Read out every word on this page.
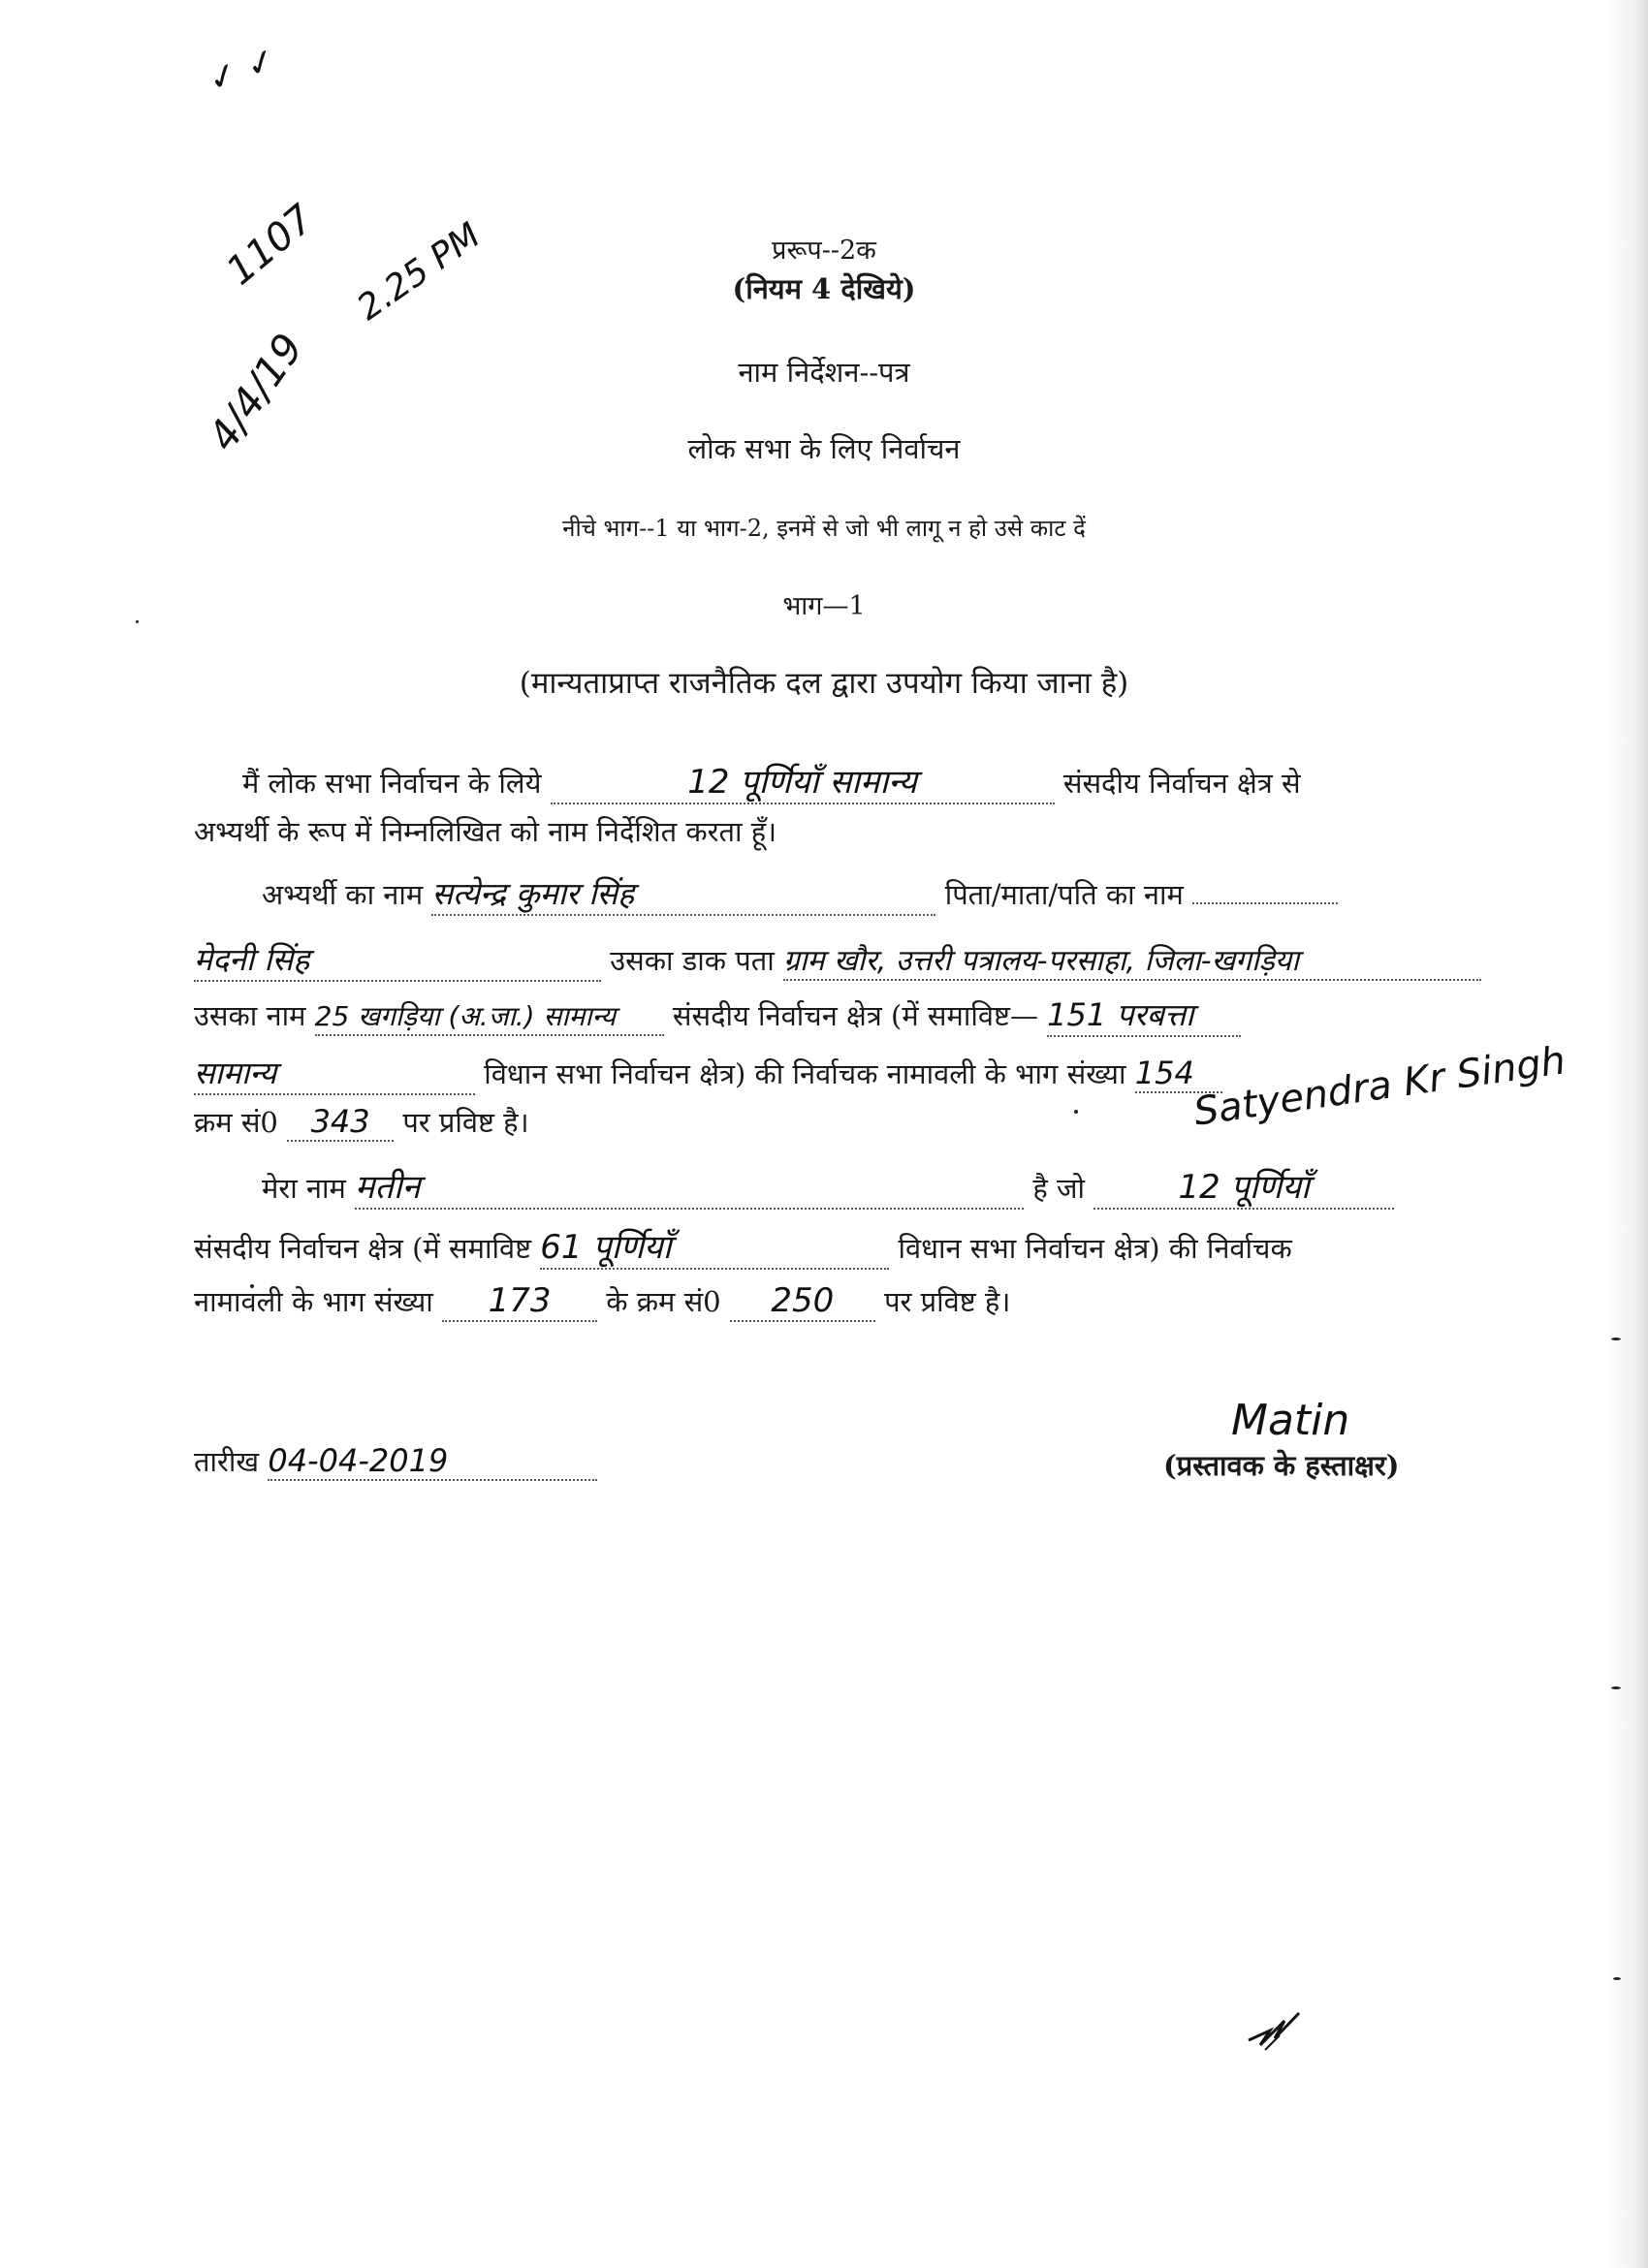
1107 2.25 PM
4/4/19
✓ ✓
प्ररूप--2क
(नियम 4 देखिये)
नाम निर्देशन--पत्र
लोक सभा के लिए निर्वाचन
नीचे भाग--1 या भाग-2, इनमें से जो भी लागू न हो उसे काट दें
भाग—1
(मान्यताप्राप्त राजनैतिक दल द्वारा उपयोग किया जाना है)
मैं लोक सभा निर्वाचन के लिये	12 पूर्णियाँ सामान्य	संसदीय निर्वाचन क्षेत्र से
अभ्यर्थी के रूप में निम्नलिखित को नाम निर्देशित करता हूँ।
अभ्यर्थी का नाम सत्येन्द्र कुमार सिंह	पिता/माता/पति का नाम
मेदनी सिंह	उसका डाक पता ग्राम खौर, उत्तरी पत्रालय-परसाहा, जिला-खगड़िया
उसका नाम 25 खगड़िया (अ.जा.) सामान्य संसदीय निर्वाचन क्षेत्र (में समाविष्ट— 151 परबत्ता
सामान्य	विधान सभा निर्वाचन क्षेत्र) की निर्वाचक नामावली के भाग संख्या 154
Satyendra Kr Singh
क्रम सं0 343 पर प्रविष्ट है।
मेरा नाम मतीन	है जो	12 पूर्णियाँ
संसदीय निर्वाचन क्षेत्र (में समाविष्ट 61 पूर्णियाँ	विधान सभा निर्वाचन क्षेत्र) की निर्वाचक
नामावली के भाग संख्या 173 के क्रम सं0 250 पर प्रविष्ट है।
तारीख 04-04-2019
Matin
(प्रस्तावक के हस्ताक्षर)
